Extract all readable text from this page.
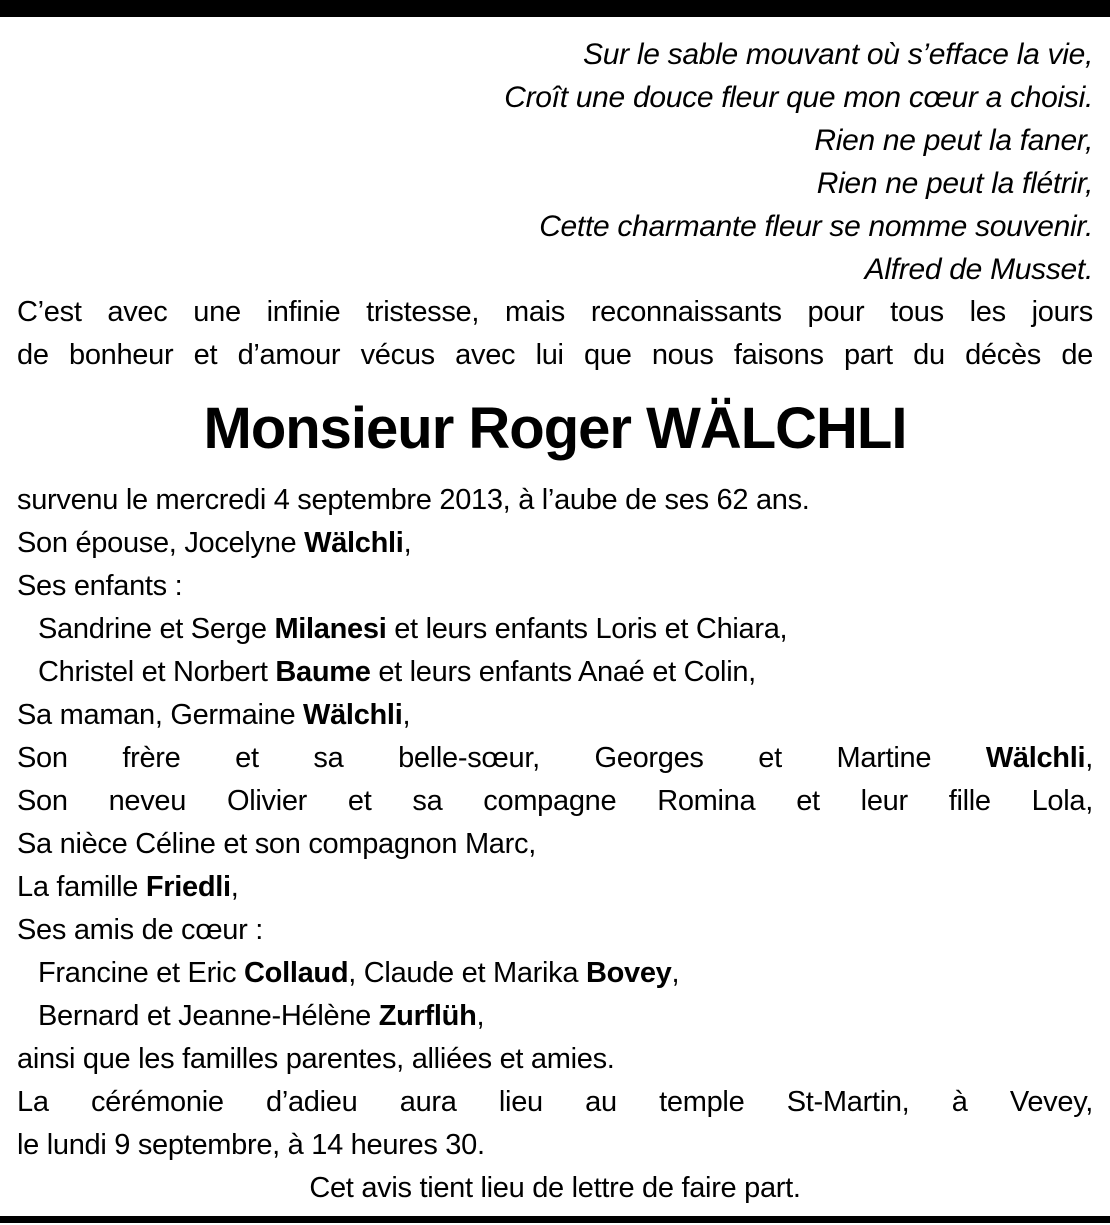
Sur le sable mouvant où s’efface la vie,
Croît une douce fleur que mon cœur a choisi.
Rien ne peut la faner,
Rien ne peut la flétrir,
Cette charmante fleur se nomme souvenir.
Alfred de Musset.
C’est avec une infinie tristesse, mais reconnaissants pour tous les jours
de bonheur et d’amour vécus avec lui que nous faisons part du décès de
Monsieur Roger WÄLCHLI
survenu le mercredi 4 septembre 2013, à l’aube de ses 62 ans.
Son épouse, Jocelyne Wälchli,
Ses enfants :
Sandrine et Serge Milanesi et leurs enfants Loris et Chiara,
Christel et Norbert Baume et leurs enfants Anaé et Colin,
Sa maman, Germaine Wälchli,
Son frère et sa belle-sœur, Georges et Martine Wälchli,
Son neveu Olivier et sa compagne Romina et leur fille Lola,
Sa nièce Céline et son compagnon Marc,
La famille Friedli,
Ses amis de cœur :
Francine et Eric Collaud, Claude et Marika Bovey,
Bernard et Jeanne-Hélène Zurflüh,
ainsi que les familles parentes, alliées et amies.
La cérémonie d’adieu aura lieu au temple St-Martin, à Vevey,
le lundi 9 septembre, à 14 heures 30.
Cet avis tient lieu de lettre de faire part.
